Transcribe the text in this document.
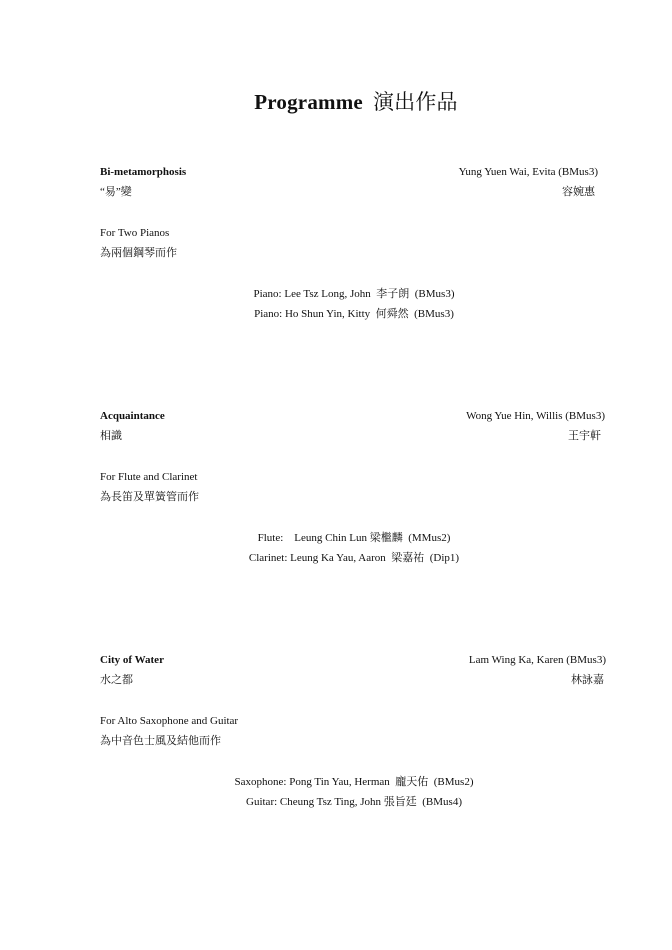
Programme 演出作品
Bi-metamorphosis	Yung Yuen Wai, Evita (BMus3)
“易”變	容婉惠
For Two Pianos
為兩個鋼琴而作
Piano: Lee Tsz Long, John  李子朗  (BMus3)
Piano: Ho Shun Yin, Kitty  何舜然  (BMus3)
Acquaintance	Wong Yue Hin, Willis (BMus3)
相識	王宇軒
For Flute and Clarinet
為長笛及單簧管而作
Flute:    Leung Chin Lun 梁檵麟  (MMus2)
Clarinet: Leung Ka Yau, Aaron  梁嘉祐  (Dip1)
City of Water	Lam Wing Ka, Karen (BMus3)
水之都	林詠嘉
For Alto Saxophone and Guitar
為中音色士風及結他而作
Saxophone: Pong Tin Yau, Herman  龐天佑  (BMus2)
Guitar: Cheung Tsz Ting, John 張旨廷  (BMus4)
